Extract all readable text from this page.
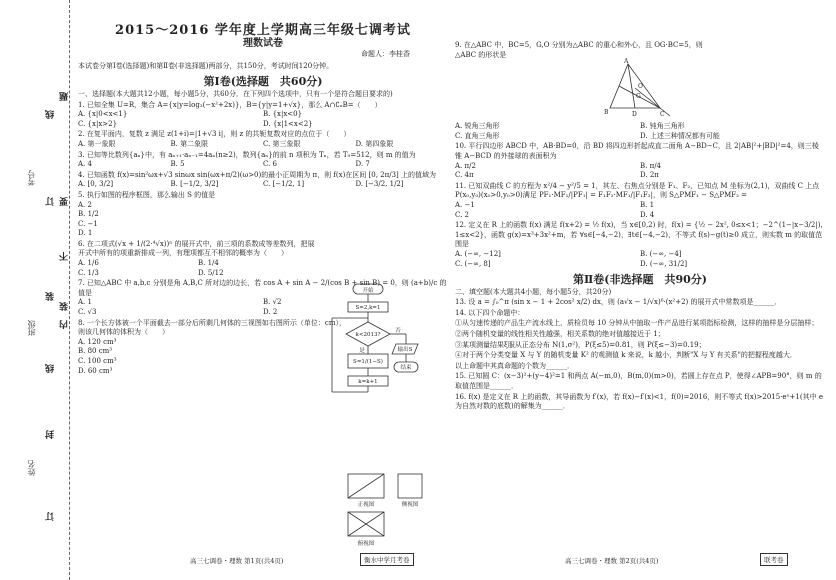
考号
班级
姓名
题
线
不
订 要
装
内
线
封
装
订
2015～2016 学年度上学期高三年级七调考试
理数试卷
命题人：李桂香
本试卷分第Ⅰ卷(选择题)和第Ⅱ卷(非选择题)两部分，共150分，考试时间120分钟。
第Ⅰ卷(选择题　共60分)
一、选择题(本大题共12小题，每小题5分，共60分．在下列四个选项中，只有一个是符合题目要求的)
1. 已知全集 U=R，集合 A={x|y=log₂(−x²+2x)}，B={y|y=1+√x}，那么 A∩∁ᵤB=（　　）
A. {x|0<x<1}	B. {x|x<0}
C. {x|x>2}	D. {x|1<x<2}
2. 在复平面内，复数 z 满足 z(1+i)=|1+√3 i|，则 z 的共轭复数对应的点位于（　　）
A. 第一象限	B. 第二象限	C. 第三象限	D. 第四象限
3. 已知等比数列{aₙ}中，有 aₙ₊₁·aₙ₋₁=4aₙ(n≥2)，数列{aₙ}的前 n 项积为 Tₙ，若 T₉=512，则 m 的值为
A. 4	B. 5	C. 6	D. 7
4. 已知函数 f(x)=sin²ωx+√3 sinωx sin(ωx+π/2)(ω>0)的最小正周期为 π，则 f(x)在区间 [0, 2π/3] 上的值域为
A. [0, 3/2]	B. [−1/2, 3/2]	C. [−1/2, 1]	D. [−3/2, 1/2]
5. 执行如图的程序框图，那么输出 S 的值是
A. 2
B. 1/2
C. −1
D. 1
6. 在二项式(√x + 1/(2·⁴√x))ⁿ 的展开式中，前三项的系数成等差数列，把展开式中所有的项重新排成一列，有理项都互不相邻的概率为（　　）
A. 1/6	B. 1/4
C. 1/3	D. 5/12
7. 已知△ABC 中 a,b,c 分别是角 A,B,C 所对边的边长，若 cos A + sin A − 2/(cos B + sin B) = 0，则 (a+b)/c 的值是
A. 1	B. √2
C. √3	D. 2
8. 一个长方体被一个平面截去一部分后所剩几何体的三视图如右图所示（单位：cm），则该几何体的体积为（　　）
A. 120 cm³
B. 80 cm³
C. 100 cm³
D. 60 cm³
开始
S=2,k=1
k<2013?
是
否
输出S
结束
S=1/(1−S)
k=k+1
正视图	侧视图
俯视图
9. 在△ABC 中，BC=5，G,O 分别为△ABC 的重心和外心，且 OG·BC=5，则△ABC 的形状是
A. 锐角三角形	B. 钝角三角形
C. 直角三角形	D. 上述三种情况都有可能
10. 平行四边形 ABCD 中，AB·BD=0，沿 BD 将四边形折起成直二面角 A−BD−C，且 2|AB|²+|BD|²=4，则三棱锥 A−BCD 的外接球的表面积为
A. π/2	B. π/4
C. 4π	D. 2π
11. 已知双曲线 C 的方程为 x²/4 − y²/5 = 1，其左、右焦点分别是 F₁、F₂，已知点 M 坐标为(2,1)，双曲线 C 上点 P(x₀,y₀)(x₀>0,y₀>0)满足 PF₁·MF₁/|PF₁| = F₁F₂·MF₁/|F₁F₂|，则 S△PMF₁ − S△PMF₂ =
A. −1	B. 1
C. 2	D. 4
12. 定义在 R 上的函数 f(x) 满足 f(x+2) = ½ f(x)，当 x∈[0,2) 时，f(x) = {½ − 2x², 0≤x<1；−2^(1−|x−3/2|), 1≤x<2}，函数 g(x)=x³+3x²+m，若 ∀s∈[−4,−2)，∃t∈[−4,−2)，不等式 f(s)−g(t)≥0 成立，则实数 m 的取值范围是
A. (−∞, −12]	B. (−∞, −4]
C. (−∞, 8]	D. (−∞, 31/2]
第Ⅱ卷(非选择题　共90分)
二、填空题(本大题共4小题，每小题5分，共20分)
13. 设 a = ∫₀^π (sin x − 1 + 2cos² x/2) dx，则 (a√x − 1/√x)⁶·(x²+2) 的展开式中常数项是______．
14. 以下四个命题中：
①从匀速传递的产品生产流水线上，质检员每 10 分钟从中抽取一件产品进行某项指标检测，这样的抽样是分层抽样；
②两个随机变量的线性相关性越强，相关系数的绝对值越接近于 1；
③某项测量结果ξ服从正态分布 N(1,σ²)，P(ξ≤5)=0.81，则 P(ξ≤−3)=0.19；
④对于两个分类变量 X 与 Y 的随机变量 K² 的观测值 k 来说，k 越小，判断"X 与 Y 有关系"的把握程度越大．
以上命题中其真命题的个数为______．
15. 已知圆 C：(x−3)²+(y−4)²=1 和两点 A(−m,0)，B(m,0)(m>0)，若圆上存在点 P，使得∠APB=90°，则 m 的取值范围是______．
16. f(x) 是定义在 R 上的函数，其导函数为 f′(x)，若 f(x)−f′(x)<1，f(0)=2016，则不等式 f(x)>2015·eˣ+1(其中 e 为自然对数的底数)的解集为______．
A
B	C
G
O
D
高三七调卷・理数 第1页(共4页)	衡水中学月考卷	高三七调卷・理数 第2页(共4页)	联考卷
